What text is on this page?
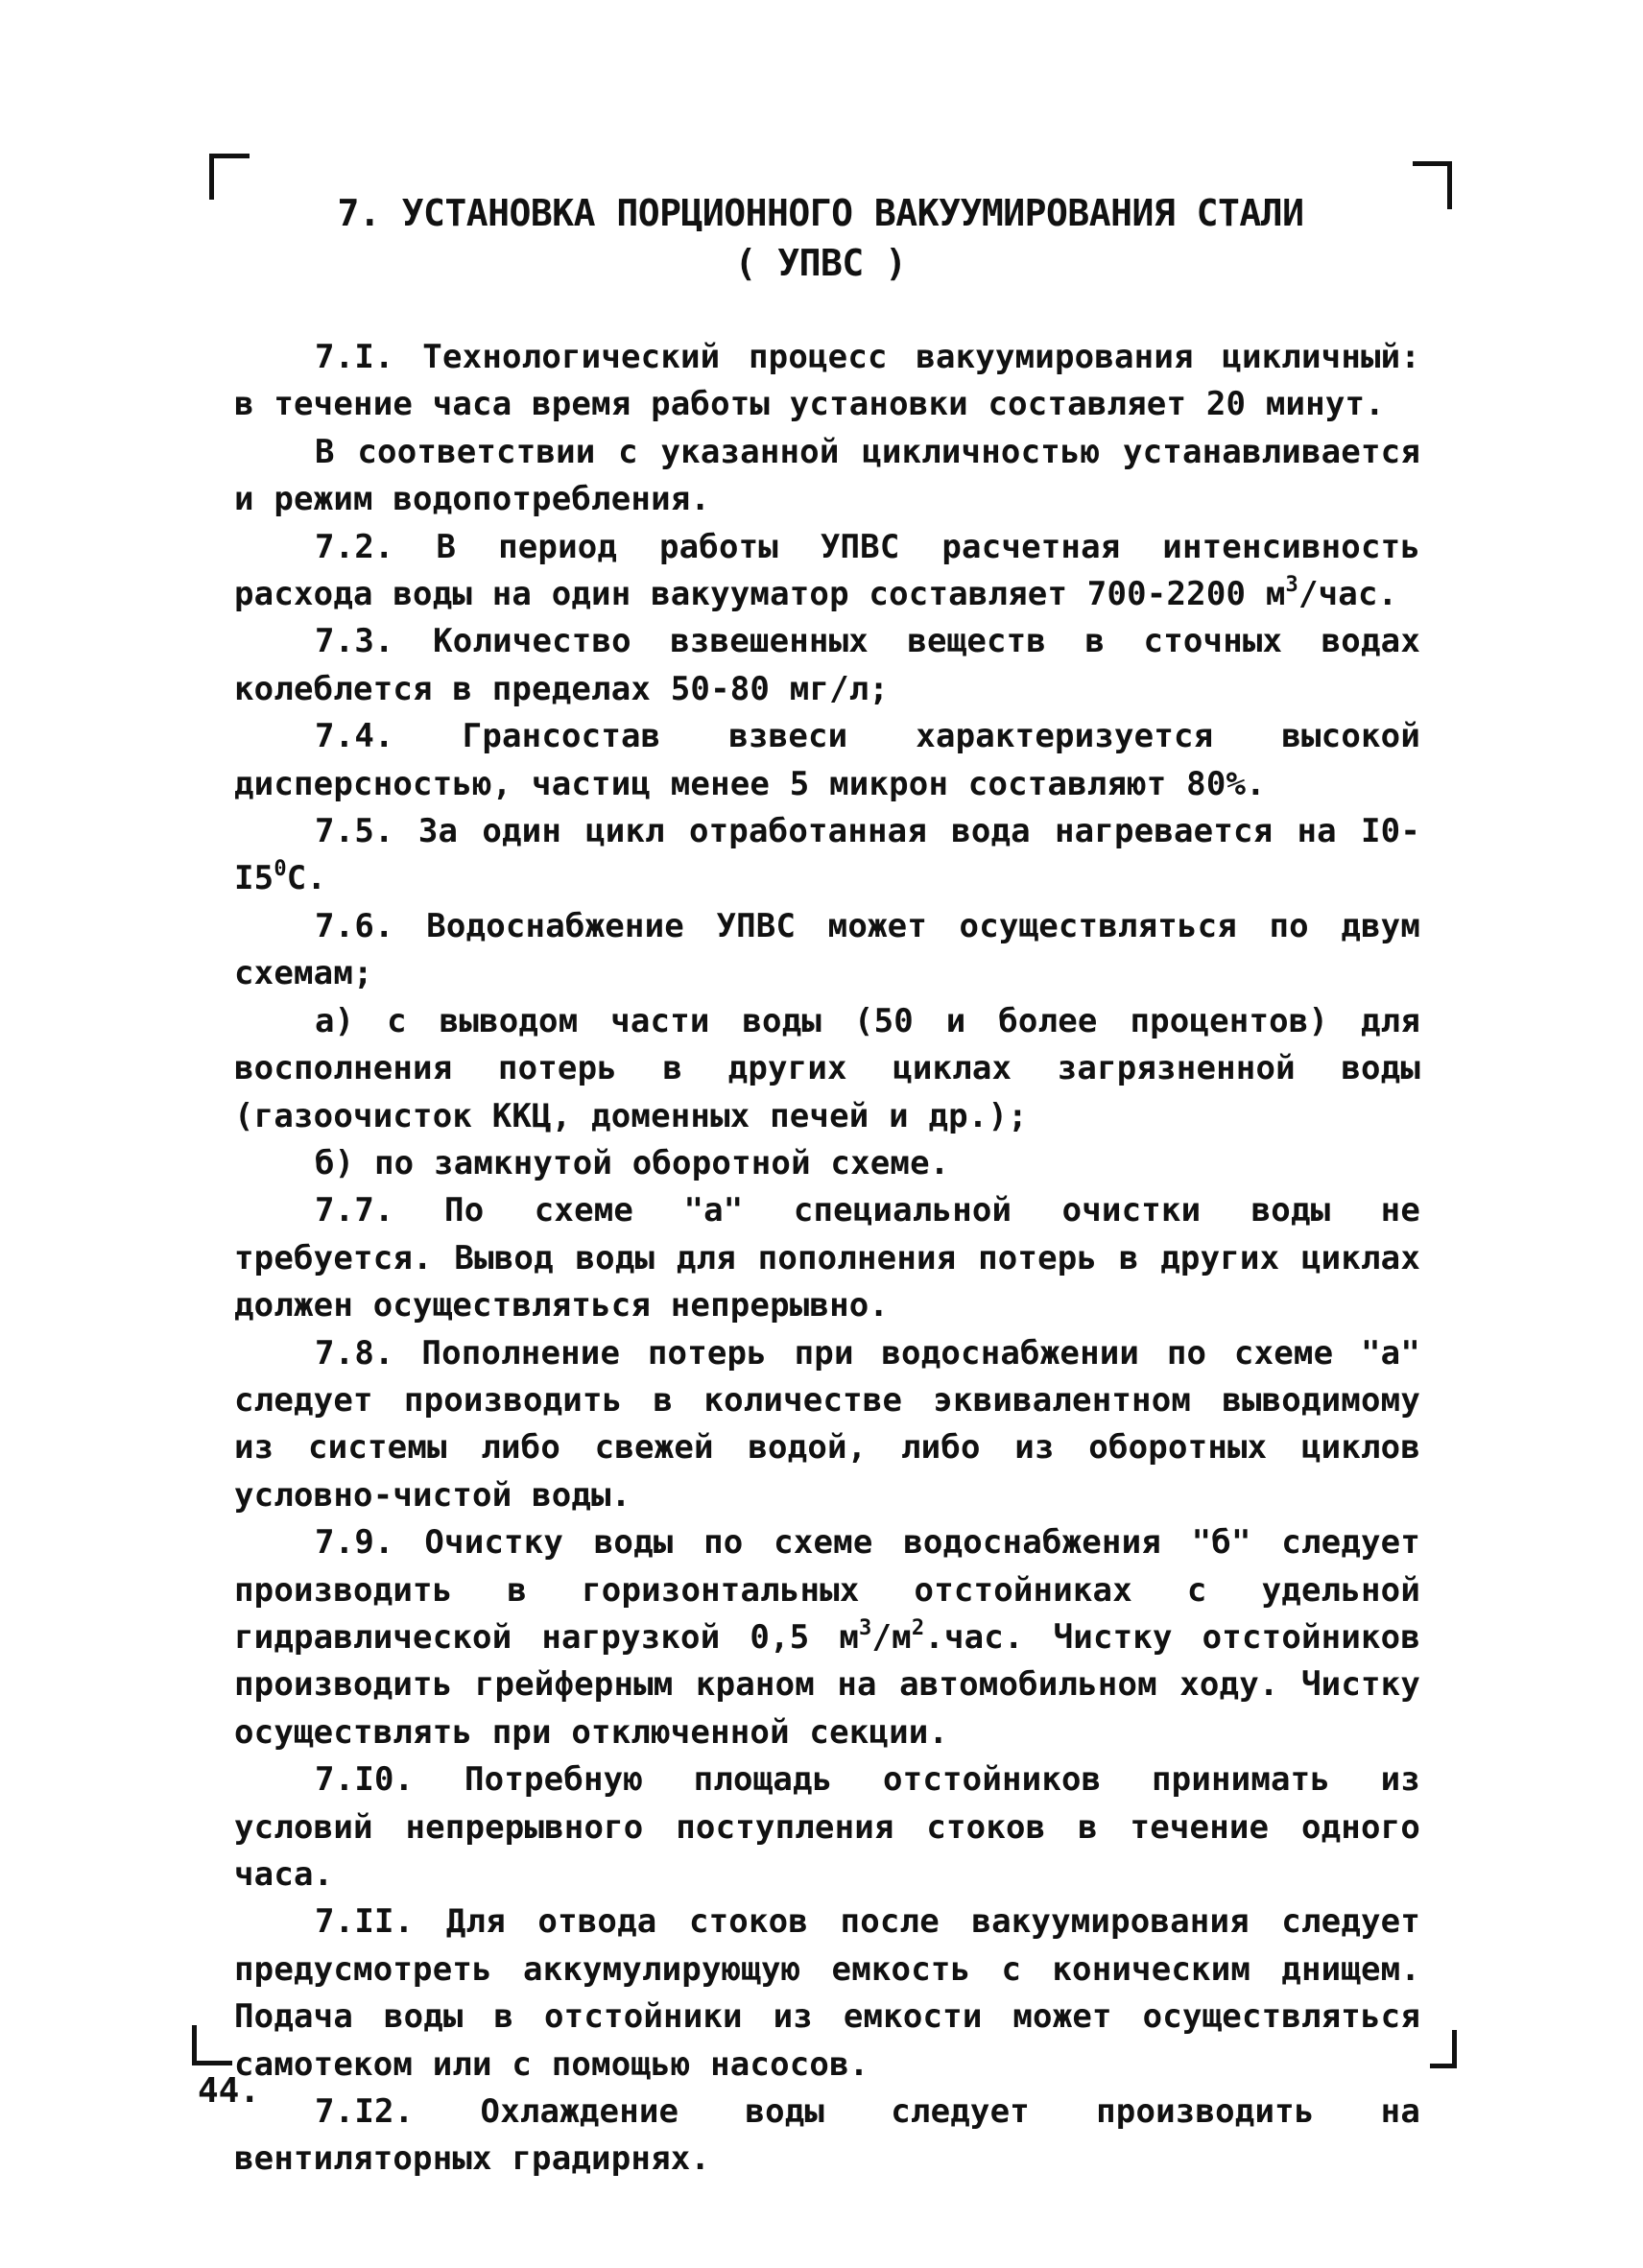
7. УСТАНОВКА ПОРЦИОННОГО ВАКУУМИРОВАНИЯ СТАЛИ
( УПВС )

7.I. Технологический процесс вакуумирования цикличный: в течение часа время работы установки составляет 20 минут.

В соответствии с указанной цикличностью устанавливается и режим водопотребления.

7.2. В период работы УПВС расчетная интенсивность расхода воды на один вакууматор составляет 700-2200 $м^3$/час.

7.3. Количество взвешенных веществ в сточных водах колеблется в пределах 50-80 мг/л;

7.4. Грансостав взвеси характеризуется высокой дисперсностью, частиц менее 5 микрон составляют 80%.

7.5. За один цикл отработанная вода нагревается на $I0-I5^0С$.

7.6. Водоснабжение УПВС может осуществляться по двум схемам;

а) с выводом части воды (50 и более процентов) для восполнения потерь в других циклах загрязненной воды (газоочисток ККЦ, доменных печей и др.);

б) по замкнутой оборотной схеме.

7.7. По схеме "а" специальной очистки воды не требуется. Вывод воды для пополнения потерь в других циклах должен осуществляться непрерывно.

7.8. Пополнение потерь при водоснабжении по схеме "а" следует производить в количестве эквивалентном выводимому из системы либо свежей водой, либо из оборотных циклов условно-чистой воды.

7.9. Очистку воды по схеме водоснабжения "б" следует производить в горизонтальных отстойниках с удельной гидравлической нагрузкой 0,5 $м^3/м^2.час$. Чистку отстойников производить грейферным краном на автомобильном ходу. Чистку осуществлять при отключенной секции.

7.I0. Потребную площадь отстойников принимать из условий непрерывного поступления стоков в течение одного часа.

7.II. Для отвода стоков после вакуумирования следует предусмотреть аккумулирующую емкость с коническим днищем. Подача воды в отстойники из емкости может осуществляться самотеком или с помощью насосов.

7.I2. Охлаждение воды следует производить на вентиляторных градирнях.

44.
